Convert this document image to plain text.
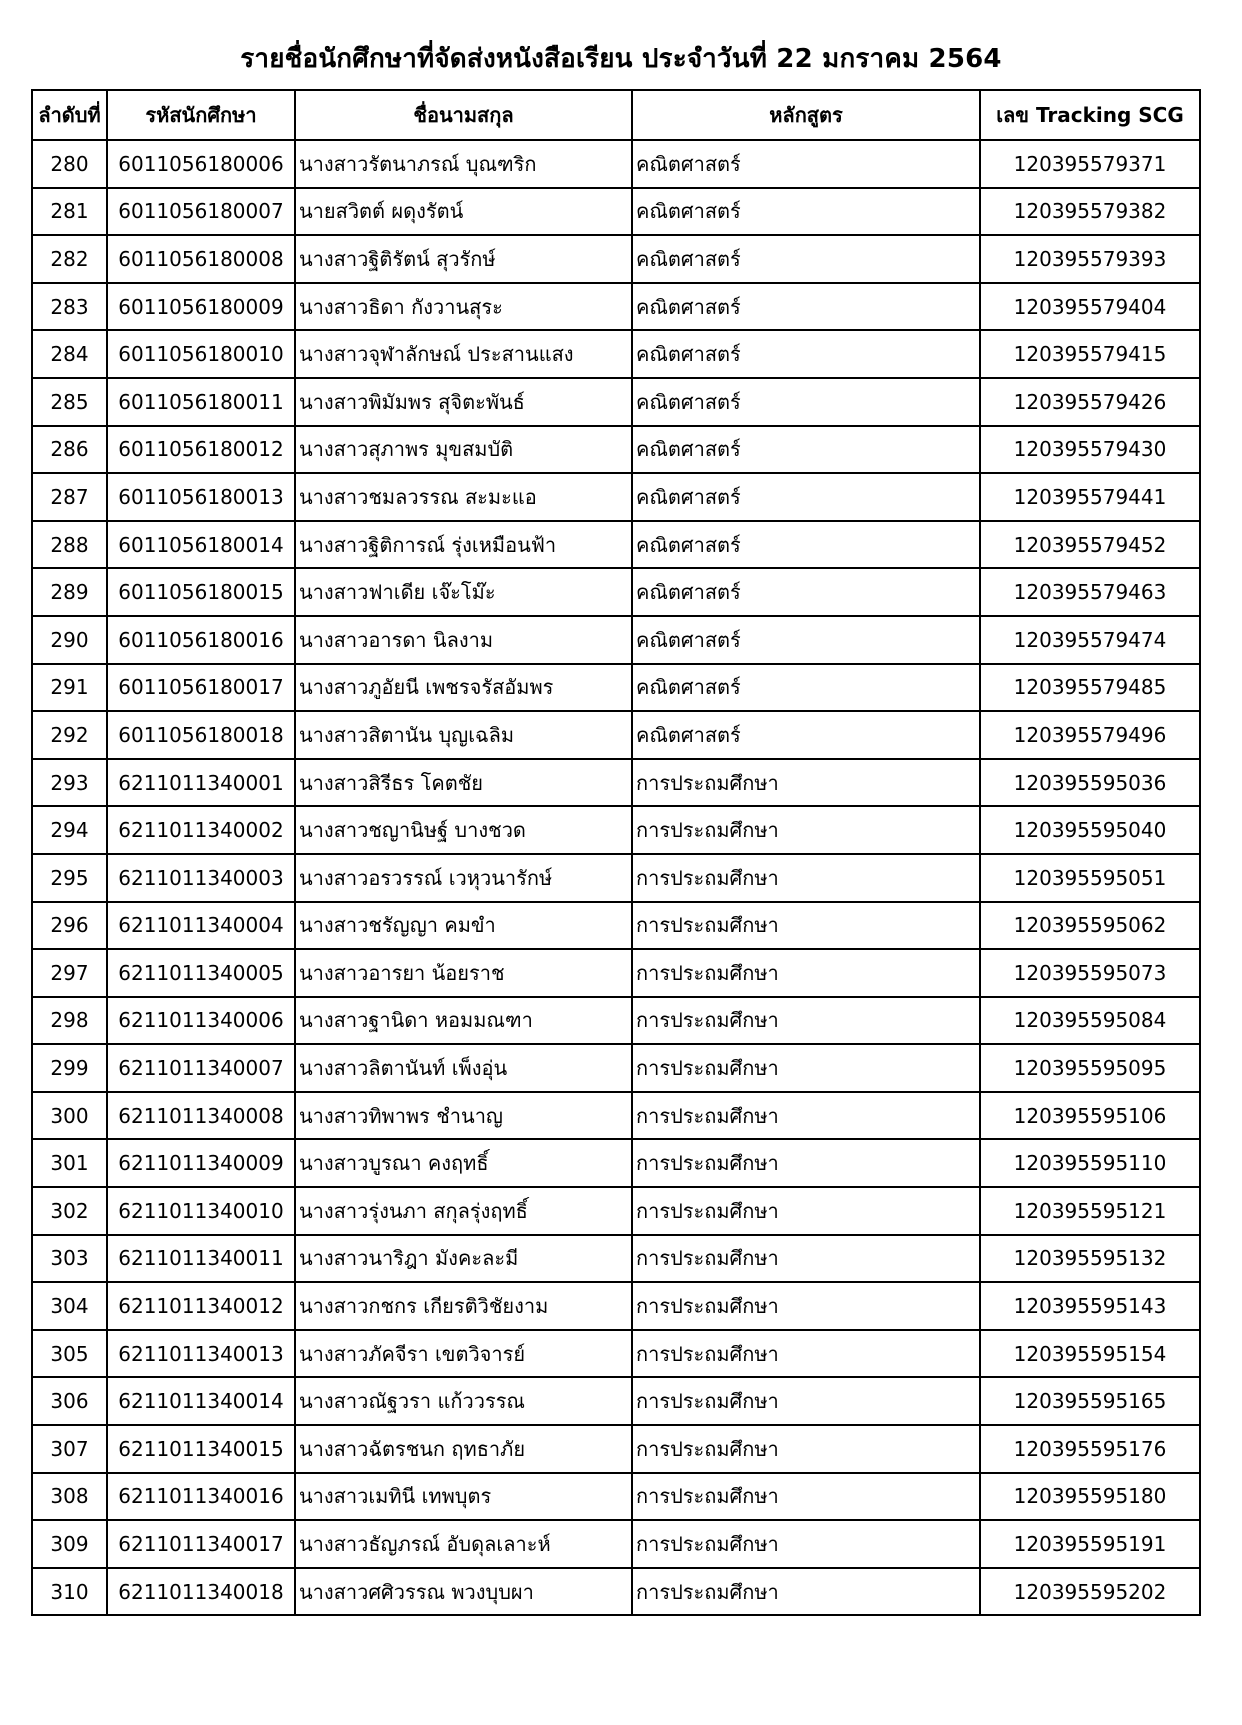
รายชื่อนักศึกษาที่จัดส่งหนังสือเรียน ประจำวันที่ 22 มกราคม 2564
ลำดับที่	รหัสนักศึกษา	ชื่อนามสกุล	หลักสูตร	เลข Tracking SCG
280	6011056180006	นางสาวรัตนาภรณ์ บุณฑริก	คณิตศาสตร์	120395579371
281	6011056180007	นายสวิตต์ ผดุงรัตน์	คณิตศาสตร์	120395579382
282	6011056180008	นางสาวฐิติรัตน์ สุวรักษ์	คณิตศาสตร์	120395579393
283	6011056180009	นางสาวธิดา กังวานสุระ	คณิตศาสตร์	120395579404
284	6011056180010	นางสาวจุฬาลักษณ์ ประสานแสง	คณิตศาสตร์	120395579415
285	6011056180011	นางสาวพิมัมพร สุจิตะพันธ์	คณิตศาสตร์	120395579426
286	6011056180012	นางสาวสุภาพร มุขสมบัติ	คณิตศาสตร์	120395579430
287	6011056180013	นางสาวชมลวรรณ สะมะแอ	คณิตศาสตร์	120395579441
288	6011056180014	นางสาวฐิติการณ์ รุ่งเหมือนฟ้า	คณิตศาสตร์	120395579452
289	6011056180015	นางสาวฟาเดีย เจ๊ะโม๊ะ	คณิตศาสตร์	120395579463
290	6011056180016	นางสาวอารดา นิลงาม	คณิตศาสตร์	120395579474
291	6011056180017	นางสาวภูอัยนี เพชรจรัสอัมพร	คณิตศาสตร์	120395579485
292	6011056180018	นางสาวสิตานัน บุญเฉลิม	คณิตศาสตร์	120395579496
293	6211011340001	นางสาวสิรีธร โคตชัย	การประถมศึกษา	120395595036
294	6211011340002	นางสาวชญานิษฐ์ บางชวด	การประถมศึกษา	120395595040
295	6211011340003	นางสาวอรวรรณ์ เวหุวนารักษ์	การประถมศึกษา	120395595051
296	6211011340004	นางสาวชรัญญา คมขำ	การประถมศึกษา	120395595062
297	6211011340005	นางสาวอารยา น้อยราช	การประถมศึกษา	120395595073
298	6211011340006	นางสาวฐานิดา หอมมณฑา	การประถมศึกษา	120395595084
299	6211011340007	นางสาวลิตานันท์ เพ็งอุ่น	การประถมศึกษา	120395595095
300	6211011340008	นางสาวทิพาพร ชำนาญ	การประถมศึกษา	120395595106
301	6211011340009	นางสาวบูรณา คงฤทธิ์	การประถมศึกษา	120395595110
302	6211011340010	นางสาวรุ่งนภา สกุลรุ่งฤทธิ์	การประถมศึกษา	120395595121
303	6211011340011	นางสาวนาริฎา มังคะละมี	การประถมศึกษา	120395595132
304	6211011340012	นางสาวกชกร เกียรติวิชัยงาม	การประถมศึกษา	120395595143
305	6211011340013	นางสาวภัคจีรา เขตวิจารย์	การประถมศึกษา	120395595154
306	6211011340014	นางสาวณัฐวรา แก้ววรรณ	การประถมศึกษา	120395595165
307	6211011340015	นางสาวฉัตรชนก ฤทธาภัย	การประถมศึกษา	120395595176
308	6211011340016	นางสาวเมทินี เทพบุตร	การประถมศึกษา	120395595180
309	6211011340017	นางสาวธัญภรณ์ อับดุลเลาะห์	การประถมศึกษา	120395595191
310	6211011340018	นางสาวศศิวรรณ พวงบุบผา	การประถมศึกษา	120395595202
